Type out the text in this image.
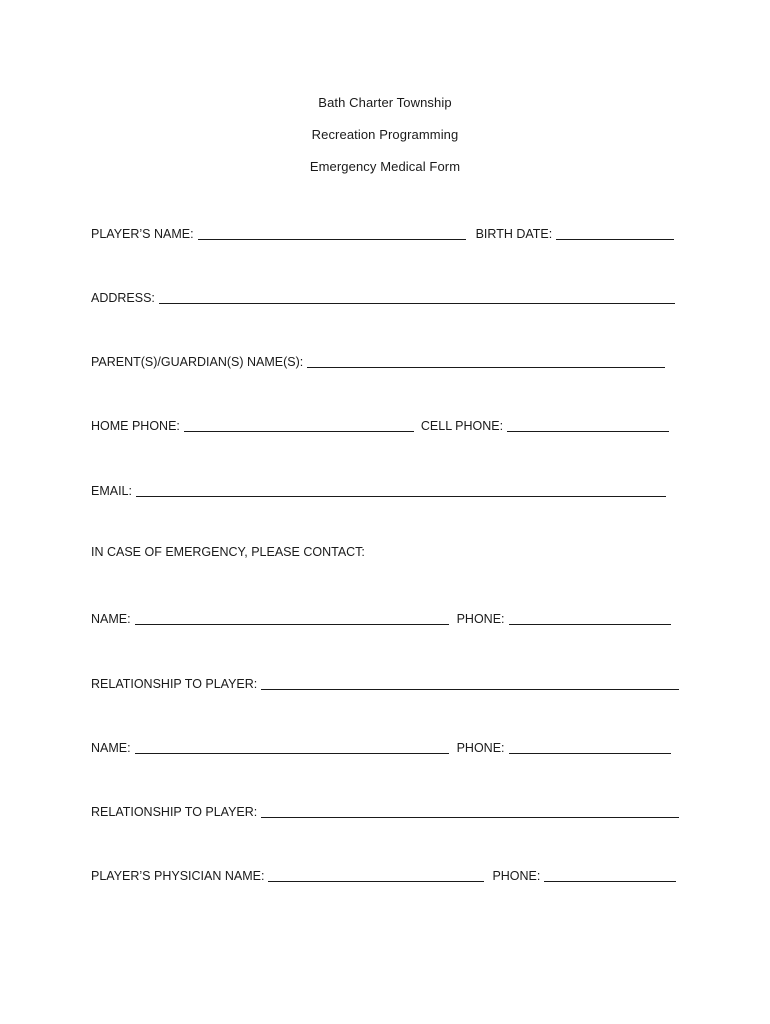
Bath Charter Township
Recreation Programming
Emergency Medical Form
PLAYER’S NAME:	BIRTH DATE:
ADDRESS:
PARENT(S)/GUARDIAN(S) NAME(S):
HOME PHONE:	CELL PHONE:
EMAIL:

IN CASE OF EMERGENCY, PLEASE CONTACT:

NAME:	PHONE:
RELATIONSHIP TO PLAYER:
NAME:	PHONE:
RELATIONSHIP TO PLAYER:
PLAYER’S PHYSICIAN NAME:	PHONE:
